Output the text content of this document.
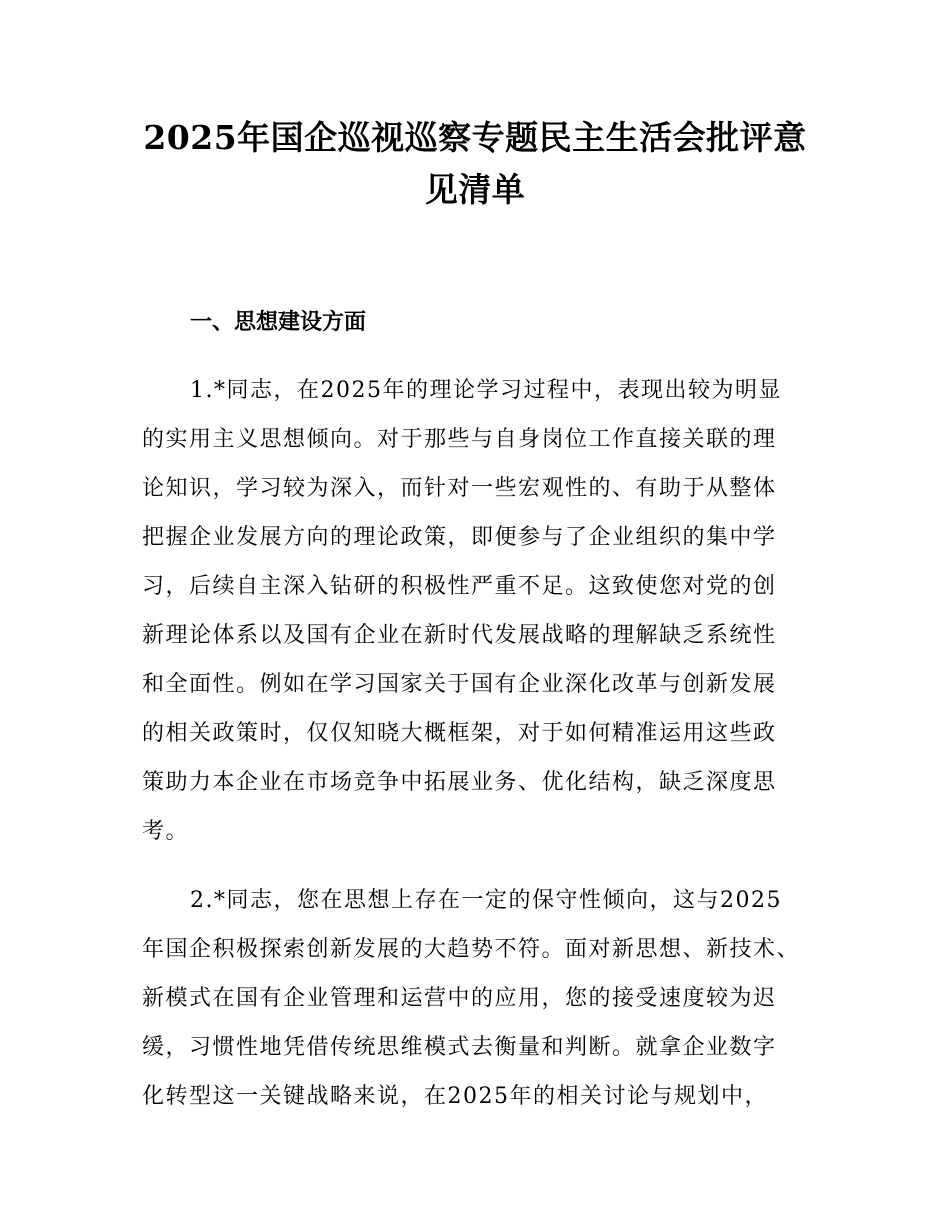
2025年国企巡视巡察专题民主生活会批评意
见清单
一、思想建设方面
1.*同志，在2025年的理论学习过程中，表现出较为明显
的实用主义思想倾向。对于那些与自身岗位工作直接关联的理
论知识，学习较为深入，而针对一些宏观性的、有助于从整体
把握企业发展方向的理论政策，即便参与了企业组织的集中学
习，后续自主深入钻研的积极性严重不足。这致使您对党的创
新理论体系以及国有企业在新时代发展战略的理解缺乏系统性
和全面性。例如在学习国家关于国有企业深化改革与创新发展
的相关政策时，仅仅知晓大概框架，对于如何精准运用这些政
策助力本企业在市场竞争中拓展业务、优化结构，缺乏深度思
考。
2.*同志，您在思想上存在一定的保守性倾向，这与2025
年国企积极探索创新发展的大趋势不符。面对新思想、新技术、
新模式在国有企业管理和运营中的应用，您的接受速度较为迟
缓，习惯性地凭借传统思维模式去衡量和判断。就拿企业数字
化转型这一关键战略来说，在2025年的相关讨论与规划中，
